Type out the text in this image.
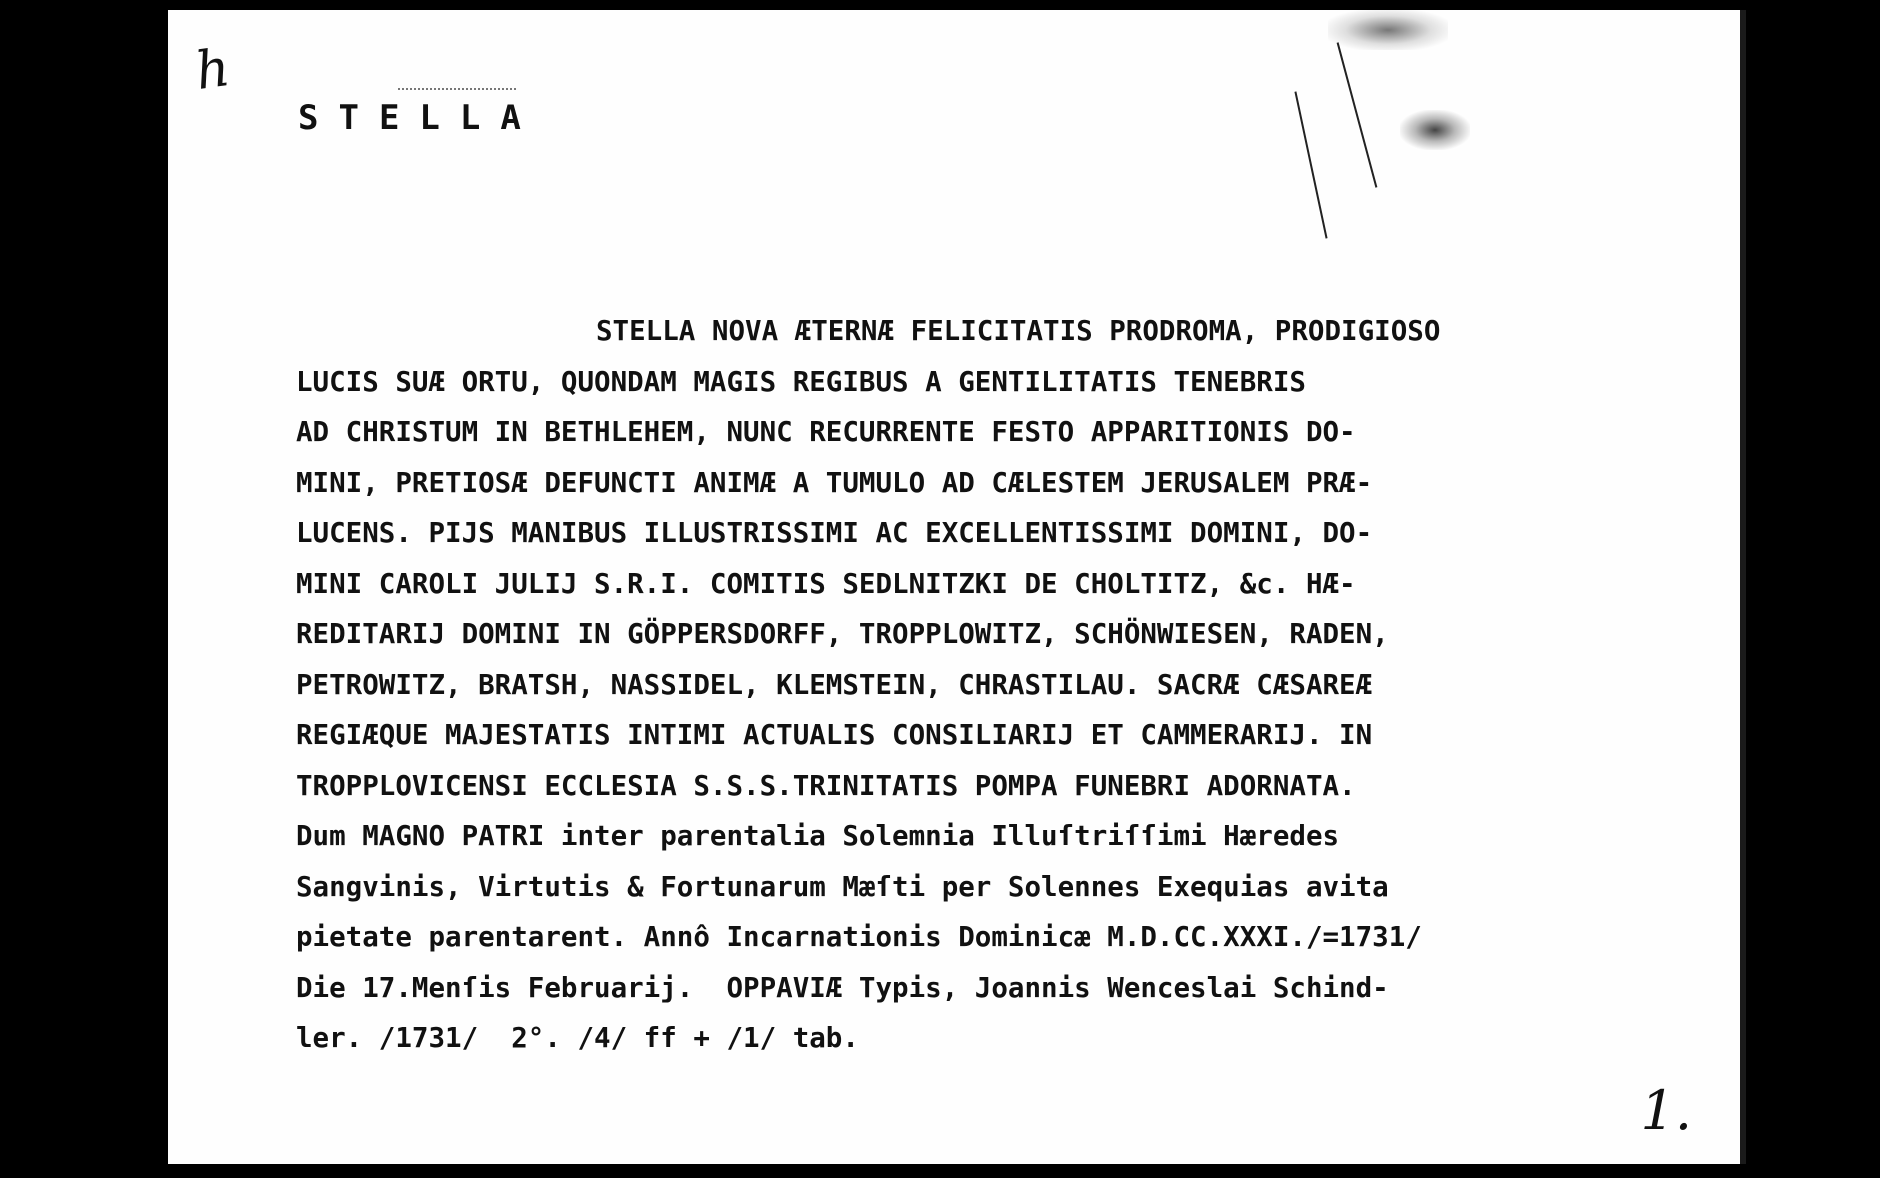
h
STELLA
STELLA NOVA ÆTERNÆ FELICITATIS PRODROMA, PRODIGIOSO
LUCIS SUÆ ORTU, QUONDAM MAGIS REGIBUS A GENTILITATIS TENEBRIS
AD CHRISTUM IN BETHLEHEM, NUNC RECURRENTE FESTO APPARITIONIS DO-
MINI, PRETIOSÆ DEFUNCTI ANIMÆ A TUMULO AD CÆLESTEM JERUSALEM PRÆ-
LUCENS. PIJS MANIBUS ILLUSTRISSIMI AC EXCELLENTISSIMI DOMINI, DO-
MINI CAROLI JULIJ S.R.I. COMITIS SEDLNITZKI DE CHOLTITZ, &c. HÆ-
REDITARIJ DOMINI IN GÖPPERSDORFF, TROPPLOWITZ, SCHÖNWIESEN, RADEN,
PETROWITZ, BRATSH, NASSIDEL, KLEMSTEIN, CHRASTILAU. SACRÆ CÆSAREÆ
REGIÆQUE MAJESTATIS INTIMI ACTUALIS CONSILIARIJ ET CAMMERARIJ. IN
TROPPLOVICENSI ECCLESIA S.S.S.TRINITATIS POMPA FUNEBRI ADORNATA.
Dum MAGNO PATRI inter parentalia Solemnia Illuſtriſſimi Hæredes
Sangvinis, Virtutis & Fortunarum Mæſti per Solennes Exequias avita
pietate parentarent. Annô Incarnationis Dominicæ M.D.CC.XXXI./=1731/
Die 17.Menſis Februarij.  OPPAVIÆ Typis, Joannis Wenceslai Schind-
ler. /1731/  2°. /4/ ff + /1/ tab.
1.
